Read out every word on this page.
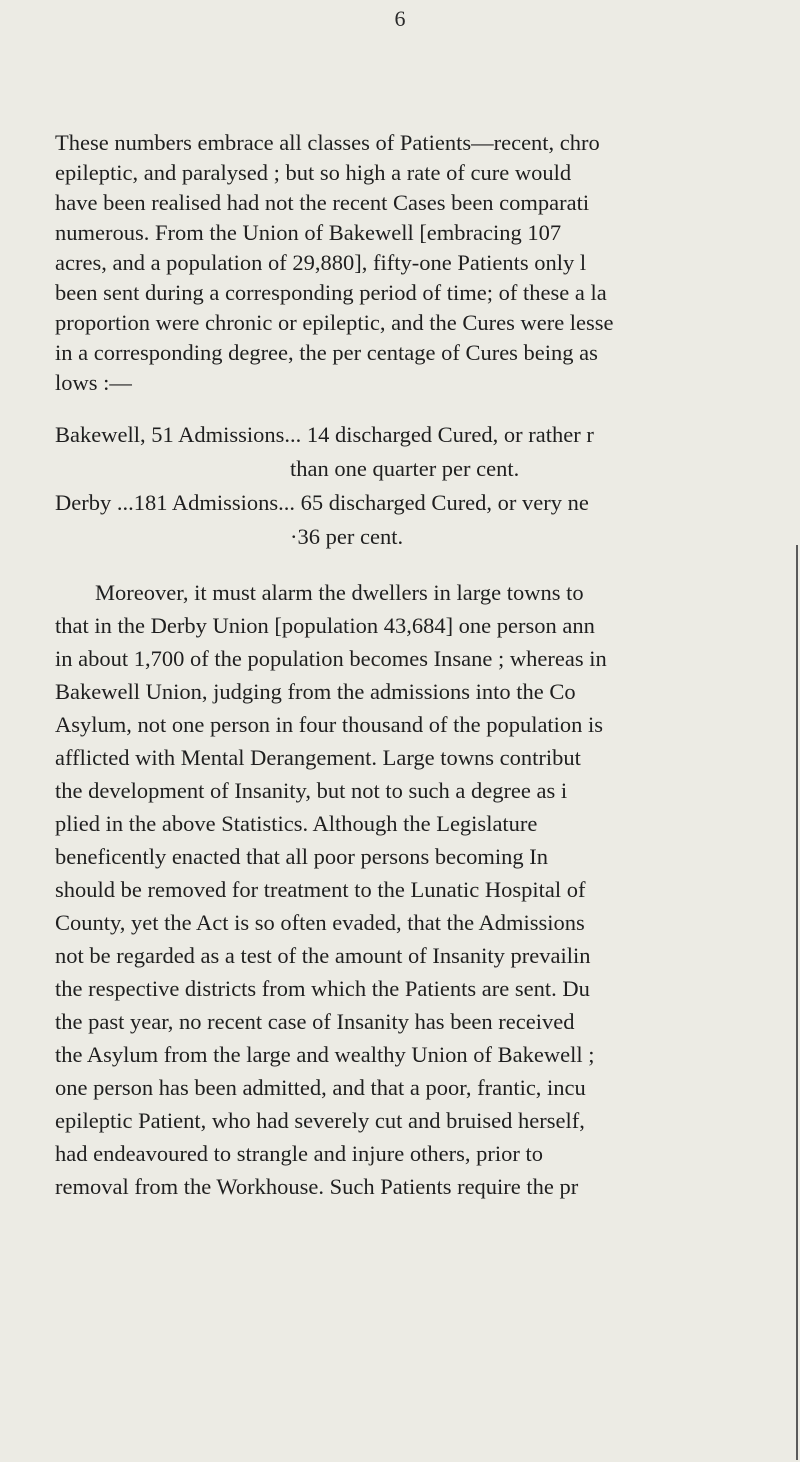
6
These numbers embrace all classes of Patients—recent, chro
epileptic, and paralysed ; but so high a rate of cure would
have been realised had not the recent Cases been comparati
numerous. From the Union of Bakewell [embracing 107
acres, and a population of 29,880], fifty-one Patients only l
been sent during a corresponding period of time; of these a la
proportion were chronic or epileptic, and the Cures were lesse
in a corresponding degree, the per centage of Cures being as
lows :—
Bakewell, 51 Admissions... 14 discharged Cured, or rather r
than one quarter per cent.
Derby ...181 Admissions... 65 discharged Cured, or very ne
·36 per cent.
Moreover, it must alarm the dwellers in large towns to
that in the Derby Union [population 43,684] one person ann
in about 1,700 of the population becomes Insane ; whereas in
Bakewell Union, judging from the admissions into the Co
Asylum, not one person in four thousand of the population is
afflicted with Mental Derangement. Large towns contribut
the development of Insanity, but not to such a degree as i
plied in the above Statistics. Although the Legislature
beneficently enacted that all poor persons becoming In
should be removed for treatment to the Lunatic Hospital of
County, yet the Act is so often evaded, that the Admissions
not be regarded as a test of the amount of Insanity prevailin
the respective districts from which the Patients are sent. Du
the past year, no recent case of Insanity has been received
the Asylum from the large and wealthy Union of Bakewell ;
one person has been admitted, and that a poor, frantic, incu
epileptic Patient, who had severely cut and bruised herself,
had endeavoured to strangle and injure others, prior to
removal from the Workhouse. Such Patients require the pr
